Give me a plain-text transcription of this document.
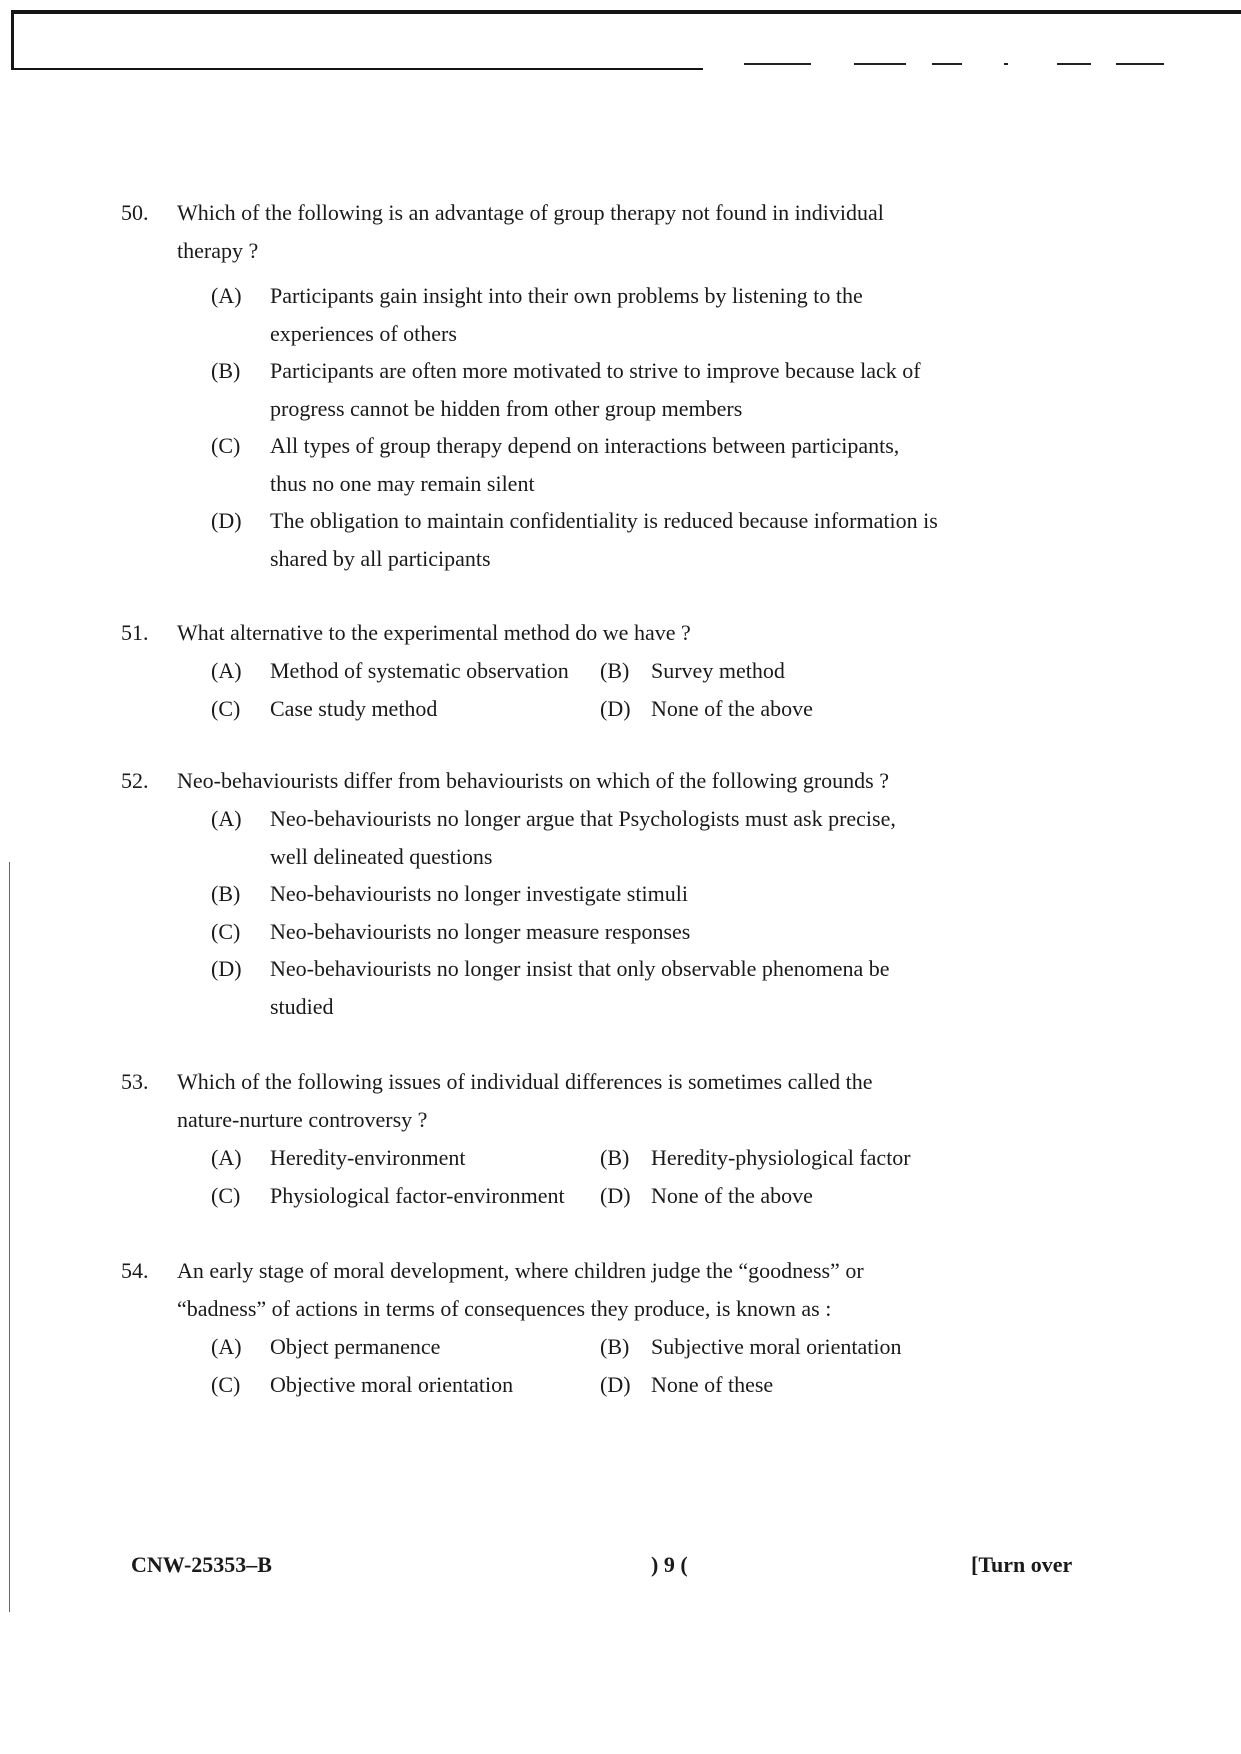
50. Which of the following is an advantage of group therapy not found in individual
therapy ?
(A) Participants gain insight into their own problems by listening to the
experiences of others
(B) Participants are often more motivated to strive to improve because lack of
progress cannot be hidden from other group members
(C) All types of group therapy depend on interactions between participants,
thus no one may remain silent
(D) The obligation to maintain confidentiality is reduced because information is
shared by all participants
51. What alternative to the experimental method do we have ?
(A) Method of systematic observation (B) Survey method
(C) Case study method	(D) None of the above
52. Neo-behaviourists differ from behaviourists on which of the following grounds ?
(A) Neo-behaviourists no longer argue that Psychologists must ask precise,
well delineated questions
(B) Neo-behaviourists no longer investigate stimuli
(C) Neo-behaviourists no longer measure responses
(D) Neo-behaviourists no longer insist that only observable phenomena be
studied
53. Which of the following issues of individual differences is sometimes called the
nature-nurture controversy ?
(A) Heredity-environment	(B) Heredity-physiological factor
(C) Physiological factor-environment (D) None of the above
54. An early stage of moral development, where children judge the “goodness” or
“badness” of actions in terms of consequences they produce, is known as :
(A) Object permanence	(B) Subjective moral orientation
(C) Objective moral orientation	(D) None of these
CNW-25353–B	) 9 (	[Turn over
